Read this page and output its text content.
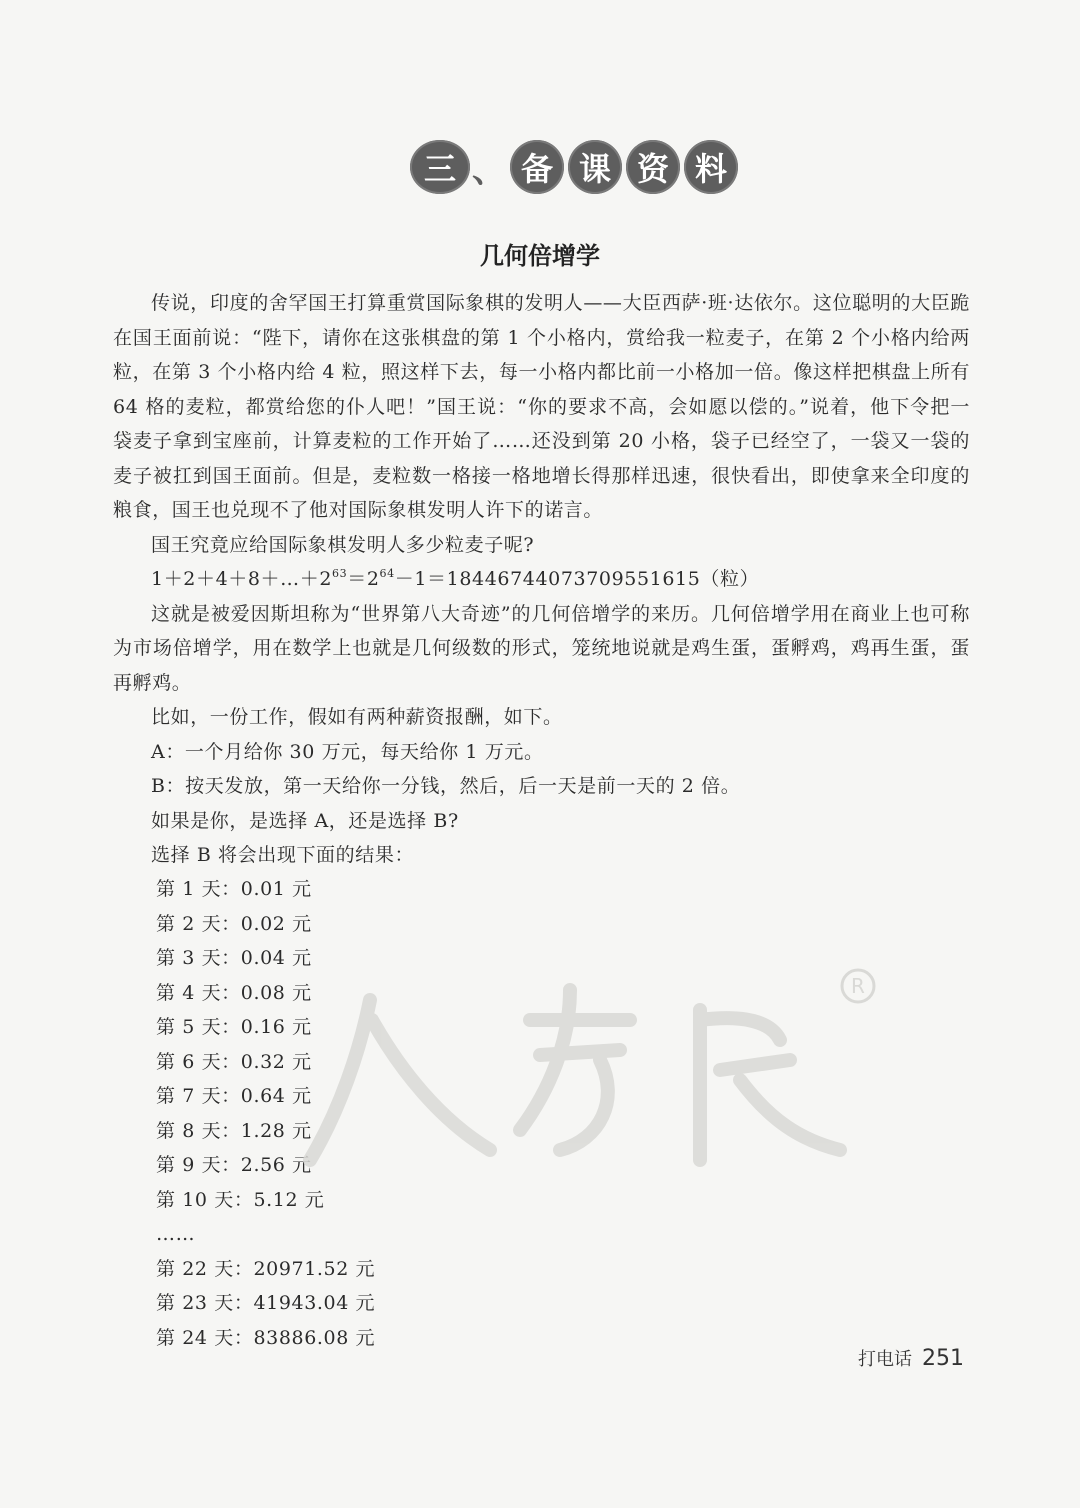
三 、 备 课 资 料
几何倍增学

传说，印度的舍罕国王打算重赏国际象棋的发明人——大臣西萨·班·达依尔。这位聪明的大臣跪在国王面前说：“陛下，请你在这张棋盘的第 1 个小格内，赏给我一粒麦子，在第 2 个小格内给两粒，在第 3 个小格内给 4 粒，照这样下去，每一小格内都比前一小格加一倍。像这样把棋盘上所有 64 格的麦粒，都赏给您的仆人吧！”国王说：“你的要求不高，会如愿以偿的。”说着，他下令把一袋麦子拿到宝座前，计算麦粒的工作开始了……还没到第 20 小格，袋子已经空了，一袋又一袋的麦子被扛到国王面前。但是，麦粒数一格接一格地增长得那样迅速，很快看出，即使拿来全印度的粮食，国王也兑现不了他对国际象棋发明人许下的诺言。

国王究竟应给国际象棋发明人多少粒麦子呢?

$1+2+4+8+\dots+2^{63}=2^{64}-1=18446744073709551615$（粒）

这就是被爱因斯坦称为“世界第八大奇迹”的几何倍增学的来历。几何倍增学用在商业上也可称为市场倍增学，用在数学上也就是几何级数的形式，笼统地说就是鸡生蛋，蛋孵鸡，鸡再生蛋，蛋再孵鸡。

比如，一份工作，假如有两种薪资报酬，如下。

A：一个月给你 30 万元，每天给你 1 万元。

B：按天发放，第一天给你一分钱，然后，后一天是前一天的 2 倍。

如果是你，是选择 A，还是选择 B?

选择 B 将会出现下面的结果：

第 1 天：0.01 元
第 2 天：0.02 元
第 3 天：0.04 元
第 4 天：0.08 元
第 5 天：0.16 元
第 6 天：0.32 元
第 7 天：0.64 元
第 8 天：1.28 元
第 9 天：2.56 元
第 10 天：5.12 元
……
第 22 天：20971.52 元
第 23 天：41943.04 元
第 24 天：83886.08 元
R
打电话 251
